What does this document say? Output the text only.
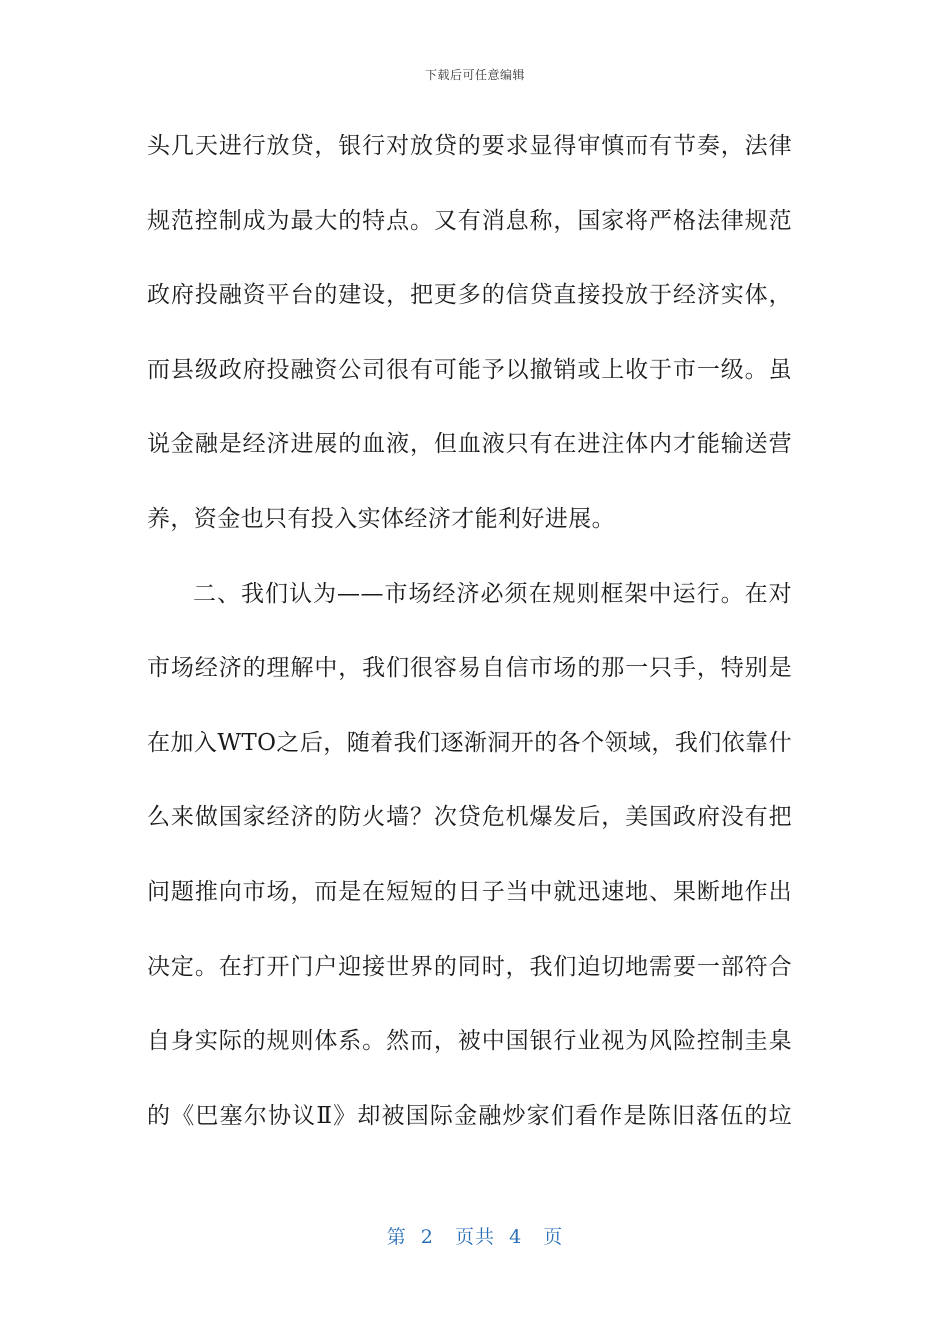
下载后可任意编辑
头几天进行放贷，银行对放贷的要求显得审慎而有节奏，法律
规范控制成为最大的特点。又有消息称，国家将严格法律规范
政府投融资平台的建设，把更多的信贷直接投放于经济实体，
而县级政府投融资公司很有可能予以撤销或上收于市一级。虽
说金融是经济进展的血液，但血液只有在进注体内才能输送营
养，资金也只有投入实体经济才能利好进展。
二、我们认为——市场经济必须在规则框架中运行。在对
市场经济的理解中，我们很容易自信市场的那一只手，特别是
在加入WTO之后，随着我们逐渐洞开的各个领域，我们依靠什
么来做国家经济的防火墙？次贷危机爆发后，美国政府没有把
问题推向市场，而是在短短的日子当中就迅速地、果断地作出
决定。在打开门户迎接世界的同时，我们迫切地需要一部符合
自身实际的规则体系。然而，被中国银行业视为风险控制圭臬
的《巴塞尔协议Ⅱ》却被国际金融炒家们看作是陈旧落伍的垃
第  2   页共  4   页
